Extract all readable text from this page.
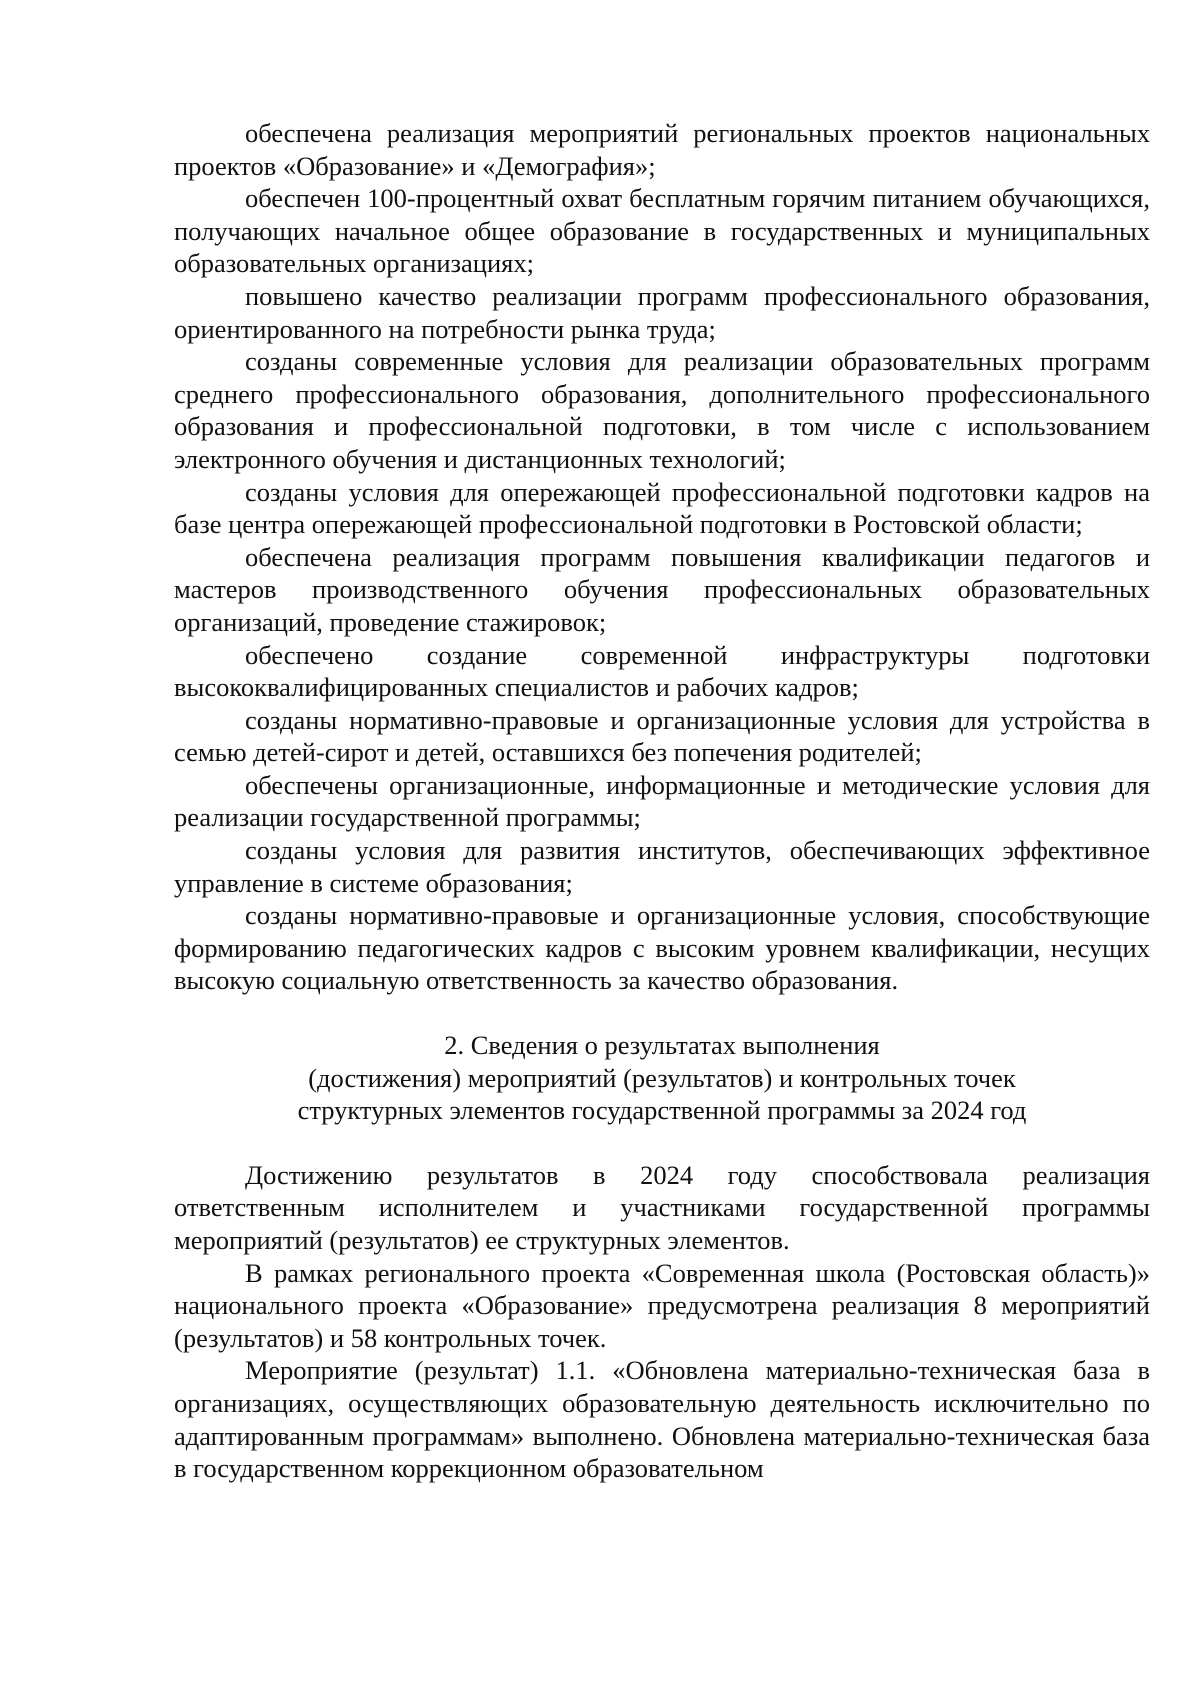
обеспечена реализация мероприятий региональных проектов национальных проектов «Образование» и «Демография»;

обеспечен 100-процентный охват бесплатным горячим питанием обучающихся, получающих начальное общее образование в государственных и муниципальных образовательных организациях;

повышено качество реализации программ профессионального образования, ориентированного на потребности рынка труда;

созданы современные условия для реализации образовательных программ среднего профессионального образования, дополнительного профессионального образования и профессиональной подготовки, в том числе с использованием электронного обучения и дистанционных технологий;

созданы условия для опережающей профессиональной подготовки кадров на базе центра опережающей профессиональной подготовки в Ростовской области;

обеспечена реализация программ повышения квалификации педагогов и мастеров производственного обучения профессиональных образовательных организаций, проведение стажировок;

обеспечено создание современной инфраструктуры подготовки высококвалифицированных специалистов и рабочих кадров;

созданы нормативно-правовые и организационные условия для устройства в семью детей-сирот и детей, оставшихся без попечения родителей;

обеспечены организационные, информационные и методические условия для реализации государственной программы;

созданы условия для развития институтов, обеспечивающих эффективное управление в системе образования;

созданы нормативно-правовые и организационные условия, способствующие формированию педагогических кадров с высоким уровнем квалификации, несущих высокую социальную ответственность за качество образования.

2. Сведения о результатах выполнения
(достижения) мероприятий (результатов) и контрольных точек
структурных элементов государственной программы за 2024 год

Достижению результатов в 2024 году способствовала реализация ответственным исполнителем и участниками государственной программы мероприятий (результатов) ее структурных элементов.

В рамках регионального проекта «Современная школа (Ростовская область)» национального проекта «Образование» предусмотрена реализация 8 мероприятий (результатов) и 58 контрольных точек.

Мероприятие (результат) 1.1. «Обновлена материально-техническая база в организациях, осуществляющих образовательную деятельность исключительно по адаптированным программам» выполнено. Обновлена материально-техническая база в государственном коррекционном образовательном
